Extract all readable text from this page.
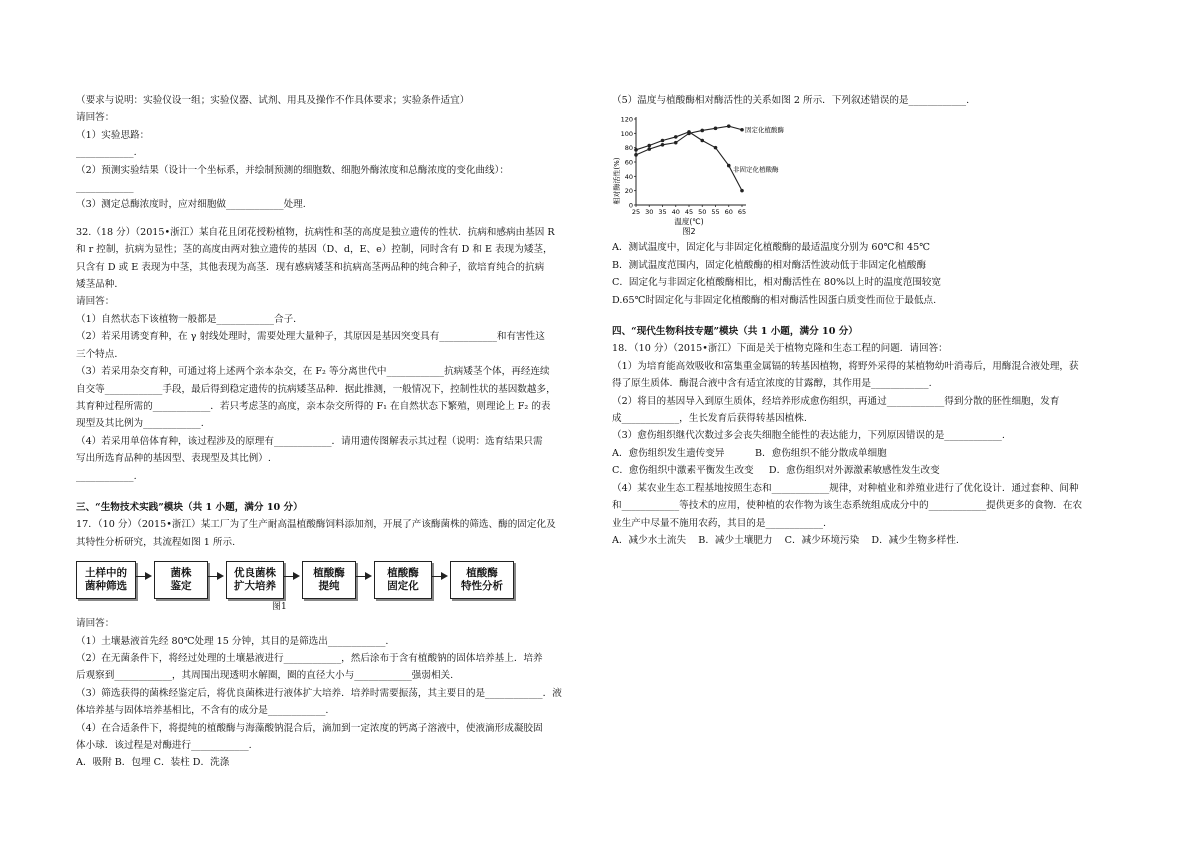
（要求与说明：实验仪设一组；实验仪器、试剂、用具及操作不作具体要求；实验条件适宜）
请回答：
（1）实验思路：
____________.
（2）预测实验结果（设计一个坐标系，并绘制预测的细胞数、细胞外酶浓度和总酶浓度的变化曲线）：
____________
（3）测定总酶浓度时，应对细胞做____________处理.
32.（18 分）（2015•浙江）某自花且闭花授粉植物，抗病性和茎的高度是独立遗传的性状．抗病和感病由基因 R
和 r 控制，抗病为显性；茎的高度由两对独立遗传的基因（D、d，E、e）控制，同时含有 D 和 E 表现为矮茎，
只含有 D 或 E 表现为中茎，其他表现为高茎．现有感病矮茎和抗病高茎两品种的纯合种子，欲培育纯合的抗病
矮茎品种．
请回答：
（1）自然状态下该植物一般都是____________合子．
（2）若采用诱变育种，在 γ 射线处理时，需要处理大量种子，其原因是基因突变具有____________和有害性这
三个特点．
（3）若采用杂交育种，可通过将上述两个亲本杂交，在 F₂ 等分离世代中____________抗病矮茎个体，再经连续
自交等____________手段，最后得到稳定遗传的抗病矮茎品种．据此推测，一般情况下，控制性状的基因数越多，
其育种过程所需的____________．若只考虑茎的高度，亲本杂交所得的 F₁ 在自然状态下繁殖，则理论上 F₂ 的表
现型及其比例为____________.
（4）若采用单倍体育种，该过程涉及的原理有____________．请用遗传图解表示其过程（说明：选育结果只需
写出所选育品种的基因型、表现型及其比例）.
____________.
三、“生物技术实践”模块（共 1 小题，满分 10 分）
17．（10 分）（2015•浙江）某工厂为了生产耐高温植酸酶饲料添加剂，开展了产该酶菌株的筛选、酶的固定化及
其特性分析研究，其流程如图 1 所示.
土样中的
菌种筛选
菌株
鉴定
优良菌株
扩大培养
植酸酶
提纯
植酸酶
固定化
植酸酶
特性分析
图1
请回答：
（1）土壤悬液首先经 80℃处理 15 分钟，其目的是筛选出____________.
（2）在无菌条件下，将经过处理的土壤悬液进行____________，然后涂布于含有植酸钠的固体培养基上．培养
后观察到____________，其周围出现透明水解圈，圈的直径大小与____________强弱相关.
（3）筛选获得的菌株经鉴定后，将优良菌株进行液体扩大培养．培养时需要振荡，其主要目的是____________．液
体培养基与固体培养基相比，不含有的成分是____________.
（4）在合适条件下，将提纯的植酸酶与海藻酸钠混合后，滴加到一定浓度的钙离子溶液中，使液滴形成凝胶固
体小球．该过程是对酶进行____________.
A．吸附 B．包埋 C．装柱 D．洗涤
（5）温度与植酸酶相对酶活性的关系如图 2 所示．下列叙述错误的是____________.
相对酶活性(%)
温度(℃)
图2
0
20
40
60
80
100
120
25 30 35 40 45 50 55 60 65
固定化植酸酶
非固定化植酸酶
A．测试温度中，固定化与非固定化植酸酶的最适温度分别为 60℃和 45℃
B．测试温度范围内，固定化植酸酶的相对酶活性波动低于非固定化植酸酶
C．固定化与非固定化植酸酶相比，相对酶活性在 80%以上时的温度范围较宽
D.65℃时固定化与非固定化植酸酶的相对酶活性因蛋白质变性而位于最低点.
四、“现代生物科技专题”模块（共 1 小题，满分 10 分）
18．（10 分）（2015•浙江）下面是关于植物克隆和生态工程的问题．请回答：
（1）为培育能高效吸收和富集重金属镉的转基因植物，将野外采得的某植物幼叶消毒后，用酶混合液处理，获
得了原生质体．酶混合液中含有适宜浓度的甘露醇，其作用是____________.
（2）将目的基因导入到原生质体，经培养形成愈伤组织，再通过____________得到分散的胚性细胞，发育
成____________，生长发育后获得转基因植株.
（3）愈伤组织继代次数过多会丧失细胞全能性的表达能力，下列原因错误的是____________.
A．愈伤组织发生遗传变异          B．愈伤组织不能分散成单细胞
C．愈伤组织中激素平衡发生改变     D．愈伤组织对外源激素敏感性发生改变
（4）某农业生态工程基地按照生态和____________规律，对种植业和养殖业进行了优化设计．通过套种、间种
和____________等技术的应用，使种植的农作物为该生态系统组成成分中的____________提供更多的食物．在农
业生产中尽量不施用农药，其目的是____________.
A．减少水土流失    B．减少土壤肥力    C．减少环境污染    D．减少生物多样性.
